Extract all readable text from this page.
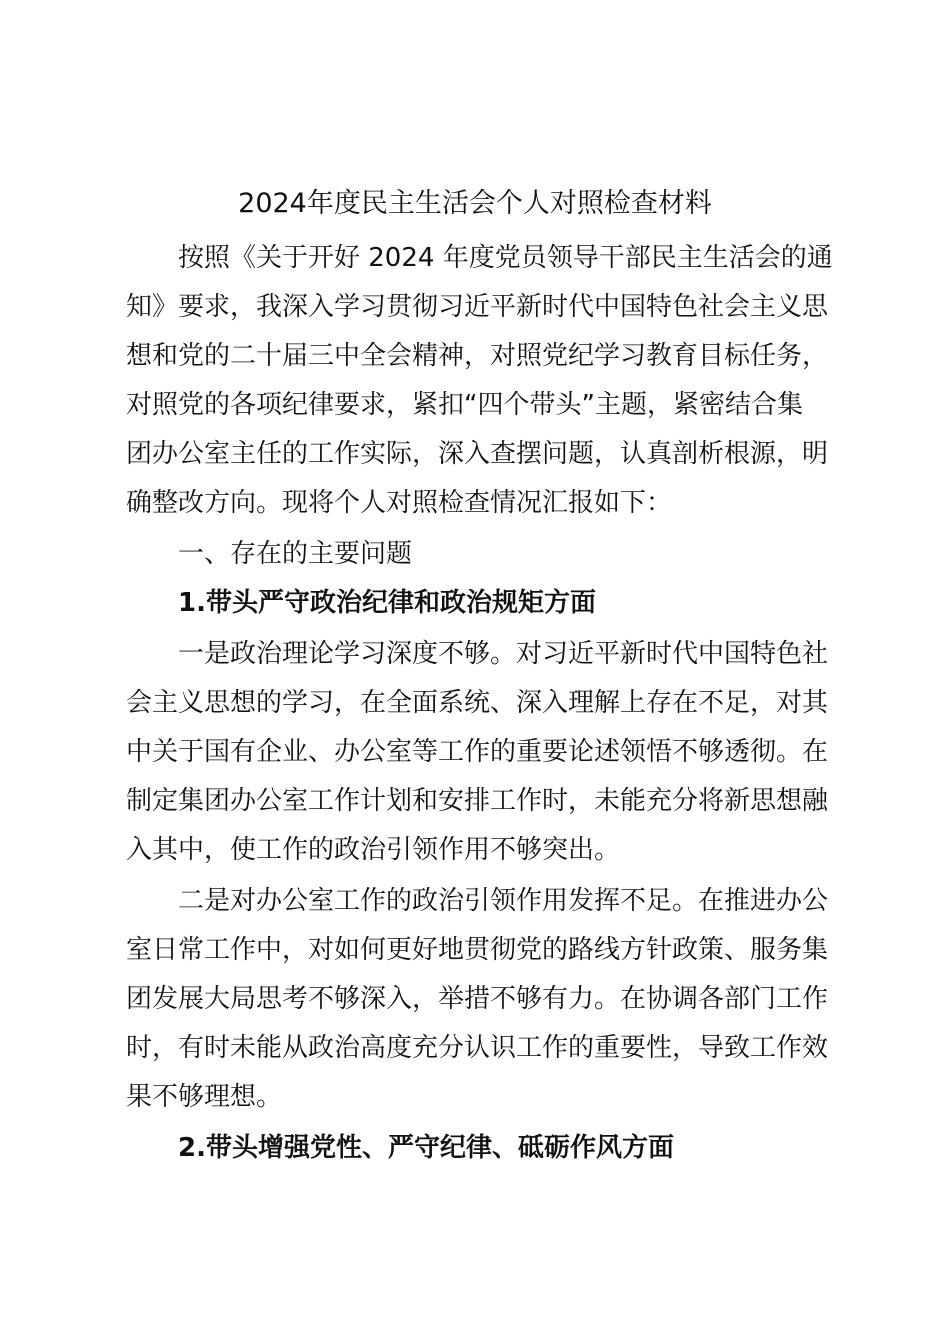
2024年度民主生活会个人对照检查材料
按照《关于开好 2024 年度党员领导干部民主生活会的通
知》要求，我深入学习贯彻习近平新时代中国特色社会主义思
想和党的二十届三中全会精神，对照党纪学习教育目标任务，
对照党的各项纪律要求，紧扣“四个带头”主题，紧密结合集
团办公室主任的工作实际，深入查摆问题，认真剖析根源，明
确整改方向。现将个人对照检查情况汇报如下：
一、存在的主要问题
1.带头严守政治纪律和政治规矩方面
一是政治理论学习深度不够。对习近平新时代中国特色社
会主义思想的学习，在全面系统、深入理解上存在不足，对其
中关于国有企业、办公室等工作的重要论述领悟不够透彻。在
制定集团办公室工作计划和安排工作时，未能充分将新思想融
入其中，使工作的政治引领作用不够突出。
二是对办公室工作的政治引领作用发挥不足。在推进办公
室日常工作中，对如何更好地贯彻党的路线方针政策、服务集
团发展大局思考不够深入，举措不够有力。在协调各部门工作
时，有时未能从政治高度充分认识工作的重要性，导致工作效
果不够理想。
2.带头增强党性、严守纪律、砥砺作风方面
